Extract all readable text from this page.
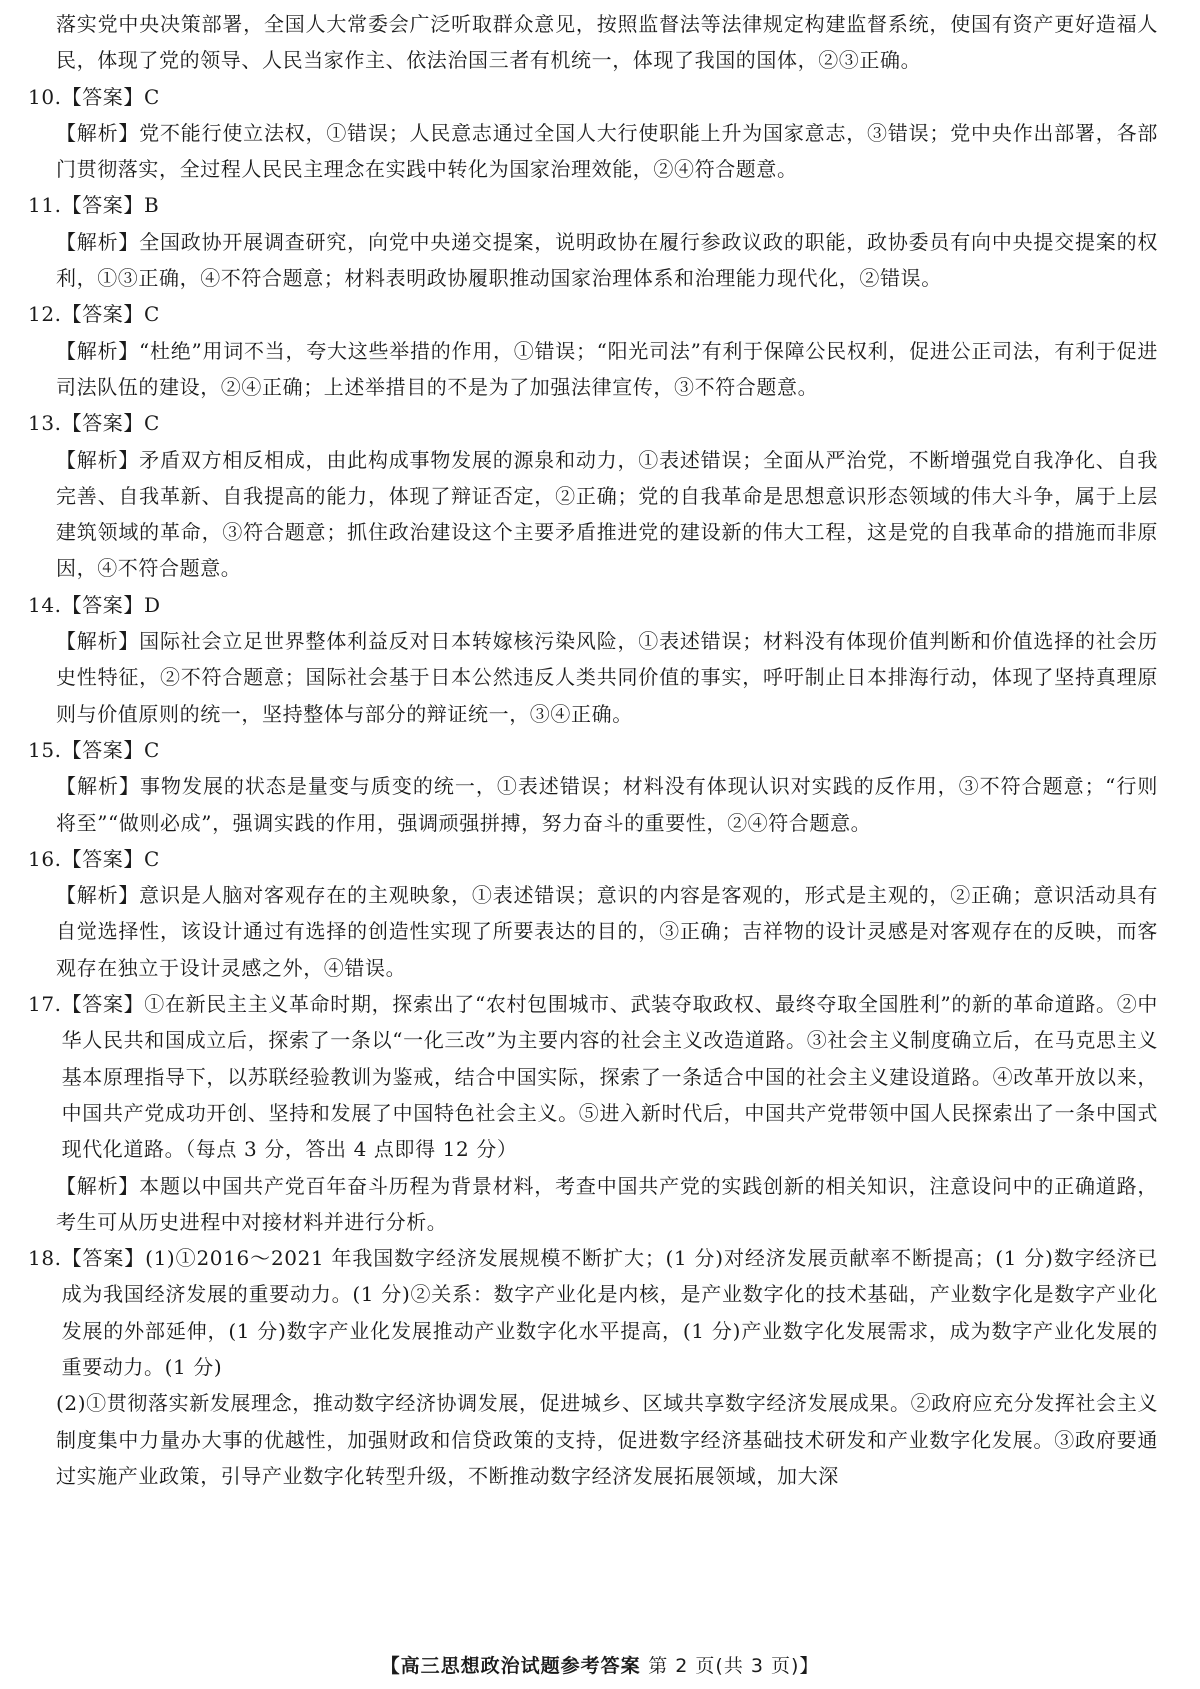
落实党中央决策部署，全国人大常委会广泛听取群众意见，按照监督法等法律规定构建监督系统，使国有资产更好造福人民，体现了党的领导、人民当家作主、依法治国三者有机统一，体现了我国的国体，②③正确。

10. 【答案】C

【解析】党不能行使立法权，①错误；人民意志通过全国人大行使职能上升为国家意志，③错误；党中央作出部署，各部门贯彻落实，全过程人民民主理念在实践中转化为国家治理效能，②④符合题意。

11. 【答案】B

【解析】全国政协开展调查研究，向党中央递交提案，说明政协在履行参政议政的职能，政协委员有向中央提交提案的权利，①③正确，④不符合题意；材料表明政协履职推动国家治理体系和治理能力现代化，②错误。

12. 【答案】C

【解析】“杜绝”用词不当，夸大这些举措的作用，①错误；“阳光司法”有利于保障公民权利，促进公正司法，有利于促进司法队伍的建设，②④正确；上述举措目的不是为了加强法律宣传，③不符合题意。

13. 【答案】C

【解析】矛盾双方相反相成，由此构成事物发展的源泉和动力，①表述错误；全面从严治党，不断增强党自我净化、自我完善、自我革新、自我提高的能力，体现了辩证否定，②正确；党的自我革命是思想意识形态领域的伟大斗争，属于上层建筑领域的革命，③符合题意；抓住政治建设这个主要矛盾推进党的建设新的伟大工程，这是党的自我革命的措施而非原因，④不符合题意。

14. 【答案】D

【解析】国际社会立足世界整体利益反对日本转嫁核污染风险，①表述错误；材料没有体现价值判断和价值选择的社会历史性特征，②不符合题意；国际社会基于日本公然违反人类共同价值的事实，呼吁制止日本排海行动，体现了坚持真理原则与价值原则的统一，坚持整体与部分的辩证统一，③④正确。

15. 【答案】C

【解析】事物发展的状态是量变与质变的统一，①表述错误；材料没有体现认识对实践的反作用，③不符合题意；“行则将至”“做则必成”，强调实践的作用，强调顽强拼搏，努力奋斗的重要性，②④符合题意。

16. 【答案】C

【解析】意识是人脑对客观存在的主观映象，①表述错误；意识的内容是客观的，形式是主观的，②正确；意识活动具有自觉选择性，该设计通过有选择的创造性实现了所要表达的目的，③正确；吉祥物的设计灵感是对客观存在的反映，而客观存在独立于设计灵感之外，④错误。

17. 【答案】①在新民主主义革命时期，探索出了“农村包围城市、武装夺取政权、最终夺取全国胜利”的新的革命道路。②中华人民共和国成立后，探索了一条以“一化三改”为主要内容的社会主义改造道路。③社会主义制度确立后，在马克思主义基本原理指导下，以苏联经验教训为鉴戒，结合中国实际，探索了一条适合中国的社会主义建设道路。④改革开放以来，中国共产党成功开创、坚持和发展了中国特色社会主义。⑤进入新时代后，中国共产党带领中国人民探索出了一条中国式现代化道路。（每点 3 分，答出 4 点即得 12 分）

【解析】本题以中国共产党百年奋斗历程为背景材料，考查中国共产党的实践创新的相关知识，注意设问中的正确道路，考生可从历史进程中对接材料并进行分析。

18. 【答案】(1)①2016～2021 年我国数字经济发展规模不断扩大；(1 分)对经济发展贡献率不断提高；(1 分)数字经济已成为我国经济发展的重要动力。(1 分)②关系：数字产业化是内核，是产业数字化的技术基础，产业数字化是数字产业化发展的外部延伸，(1 分)数字产业化发展推动产业数字化水平提高，(1 分)产业数字化发展需求，成为数字产业化发展的重要动力。(1 分)

(2)①贯彻落实新发展理念，推动数字经济协调发展，促进城乡、区域共享数字经济发展成果。②政府应充分发挥社会主义制度集中力量办大事的优越性，加强财政和信贷政策的支持，促进数字经济基础技术研发和产业数字化发展。③政府要通过实施产业政策，引导产业数字化转型升级，不断推动数字经济发展拓展领域，加大深

【高三思想政治试题参考答案 第 2 页(共 3 页)】
